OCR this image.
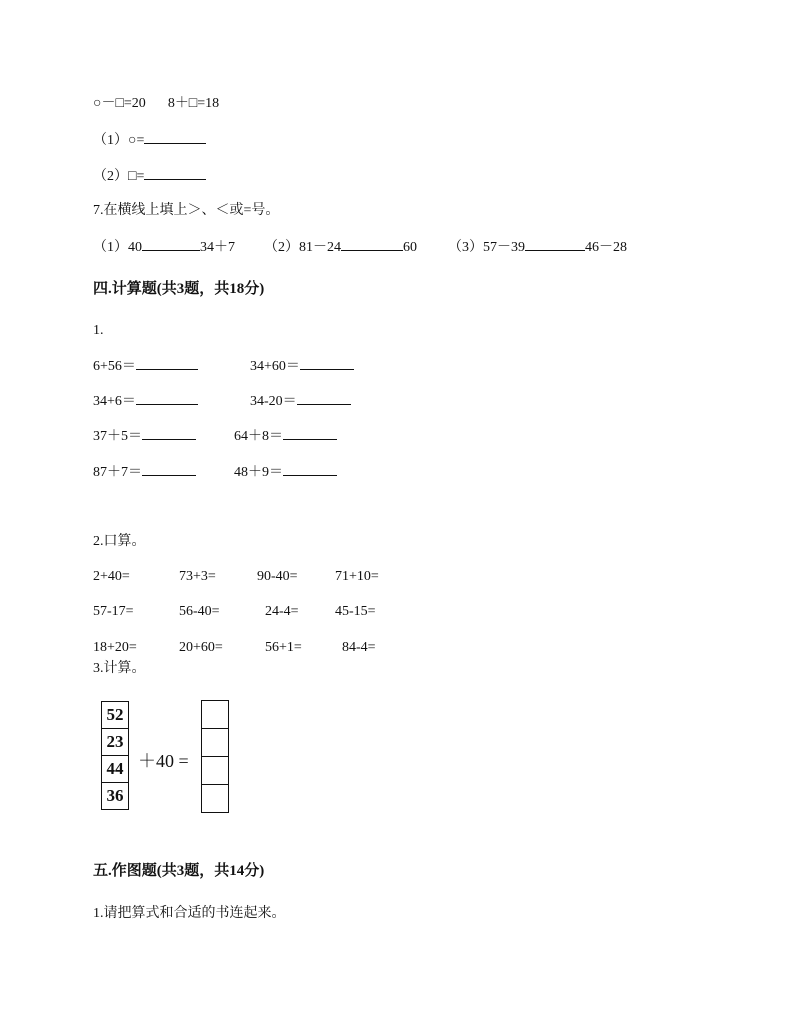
○－□=20 8＋□=18
（1）○=
（2）□=
7.在横线上填上＞、＜或=号。
（1）40	34＋7 （2）81－24	60 （3）57－39	46－28
四.计算题(共3题，共18分)
1.
6+56＝	34+60＝
34+6＝	34-20＝
37＋5＝	64＋8＝
87＋7＝	48＋9＝
2.口算。
2+40=	73+3=	90-40=	71+10=
57-17=	56-40=	24-4=	45-15=
18+20=	20+60=	56+1=	84-4=
3.计算。
52
23
44
36
＋40 =
五.作图题(共3题，共14分)
1.请把算式和合适的书连起来。
